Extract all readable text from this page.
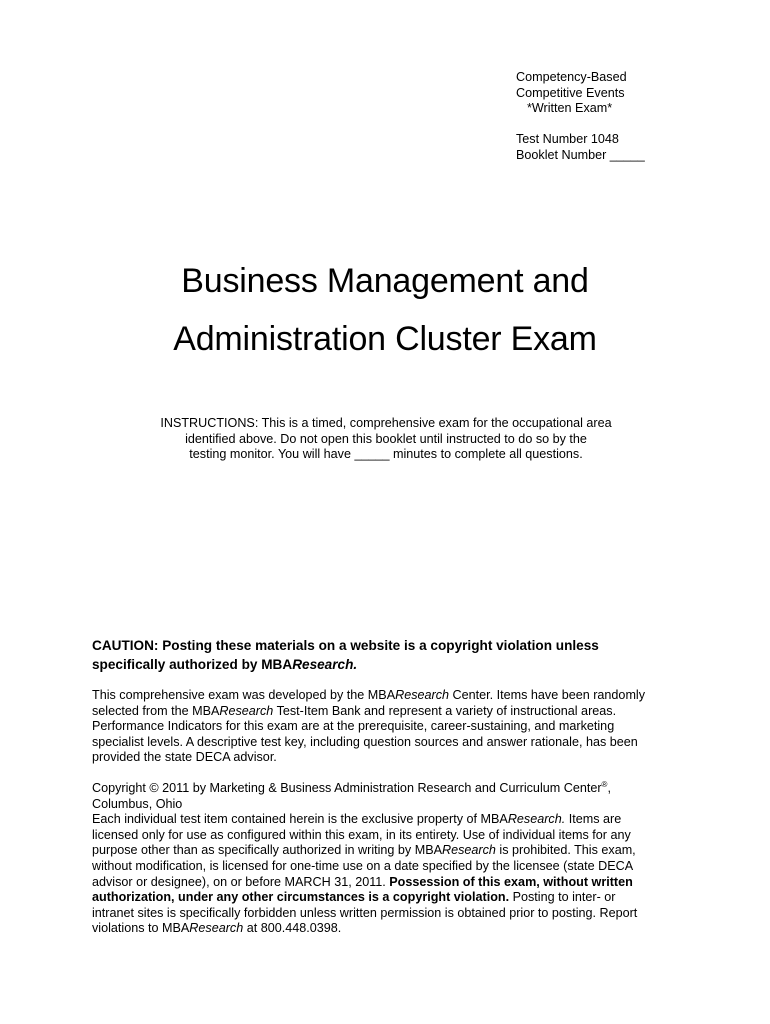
Competency-Based
Competitive Events
*Written Exam*
Test Number 1048
Booklet Number _____
Business Management and
Administration Cluster Exam
INSTRUCTIONS: This is a timed, comprehensive exam for the occupational area
identified above. Do not open this booklet until instructed to do so by the
testing monitor. You will have _____ minutes to complete all questions.
CAUTION: Posting these materials on a website is a copyright violation unless
specifically authorized by MBAResearch.
This comprehensive exam was developed by the MBAResearch Center. Items have been randomly
selected from the MBAResearch Test-Item Bank and represent a variety of instructional areas.
Performance Indicators for this exam are at the prerequisite, career-sustaining, and marketing
specialist levels. A descriptive test key, including question sources and answer rationale, has been
provided the state DECA advisor.
Copyright © 2011 by Marketing & Business Administration Research and Curriculum Center®,
Columbus, Ohio
Each individual test item contained herein is the exclusive property of MBAResearch. Items are
licensed only for use as configured within this exam, in its entirety. Use of individual items for any
purpose other than as specifically authorized in writing by MBAResearch is prohibited. This exam,
without modification, is licensed for one-time use on a date specified by the licensee (state DECA
advisor or designee), on or before MARCH 31, 2011. Possession of this exam, without written
authorization, under any other circumstances is a copyright violation. Posting to inter- or
intranet sites is specifically forbidden unless written permission is obtained prior to posting. Report
violations to MBAResearch at 800.448.0398.
